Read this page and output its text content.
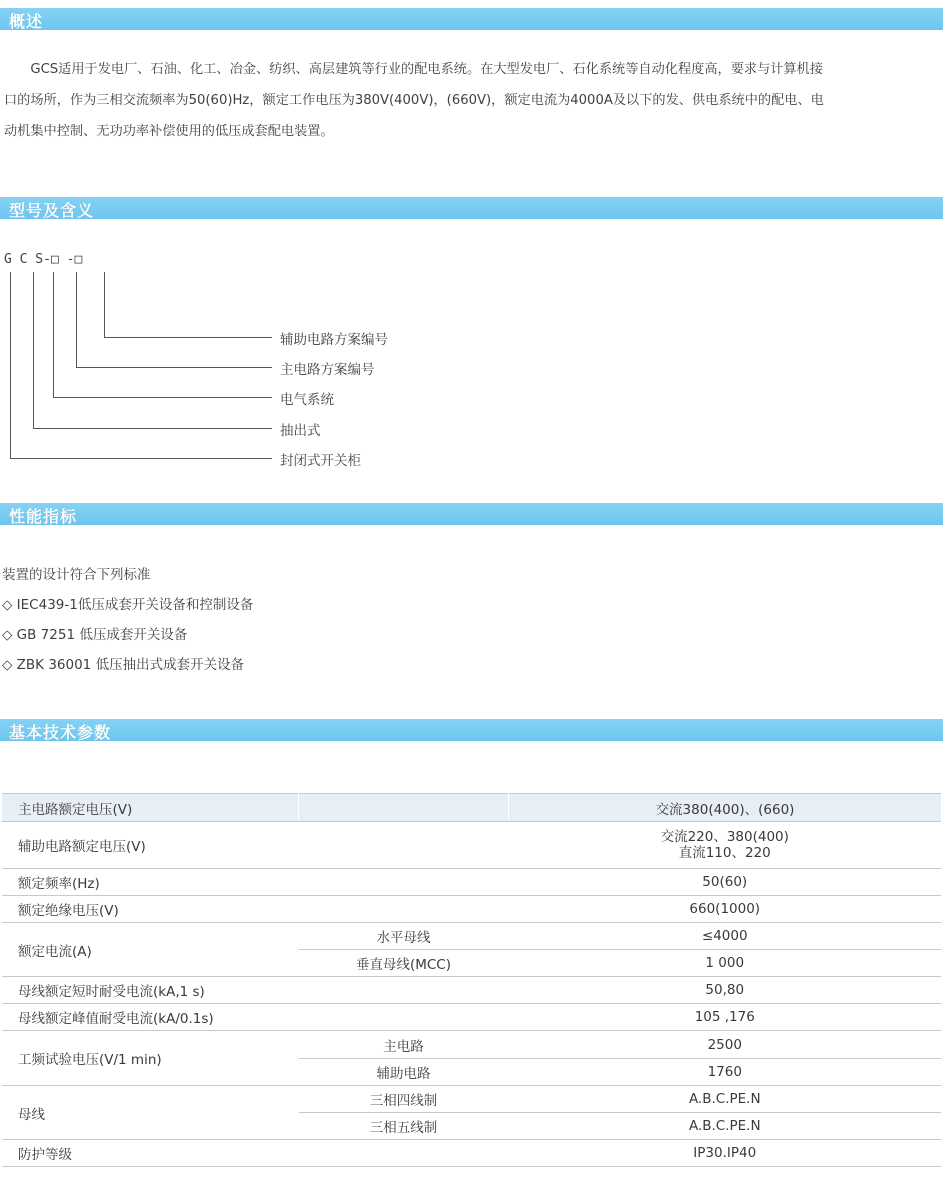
概述
　　GCS适用于发电厂、石油、化工、冶金、纺织、高层建筑等行业的配电系统。在大型发电厂、石化系统等自动化程度高，要求与计算机接
口的场所，作为三相交流频率为50(60)Hz，额定工作电压为380V(400V)，(660V)，额定电流为4000A及以下的发、供电系统中的配电、电
动机集中控制、无功功率补偿使用的低压成套配电装置。
型号及含义
G C S-□ -□
辅助电路方案编号
主电路方案编号
电气系统
抽出式
封闭式开关柜
性能指标
装置的设计符合下列标准
◇ IEC439-1低压成套开关设备和控制设备
◇ GB 7251 低压成套开关设备
◇ ZBK 36001 低压抽出式成套开关设备
基本技术参数
主电路额定电压(V)		交流380(400)、(660)
辅助电路额定电压(V)		交流220、380(400)
直流110、220

额定频率(Hz)		50(60)
额定绝缘电压(V)		660(1000)
额定电流(A)	水平母线	≤4000
	垂直母线(MCC)	1 000
母线额定短时耐受电流(kA,1 s)		50,80
母线额定峰值耐受电流(kA/0.1s)		105 ,176
工频试验电压(V/1 min)	主电路	2500
	辅助电路	1760
母线	三相四线制	A.B.C.PE.N
	三相五线制	A.B.C.PE.N
防护等级		IP30.IP40
